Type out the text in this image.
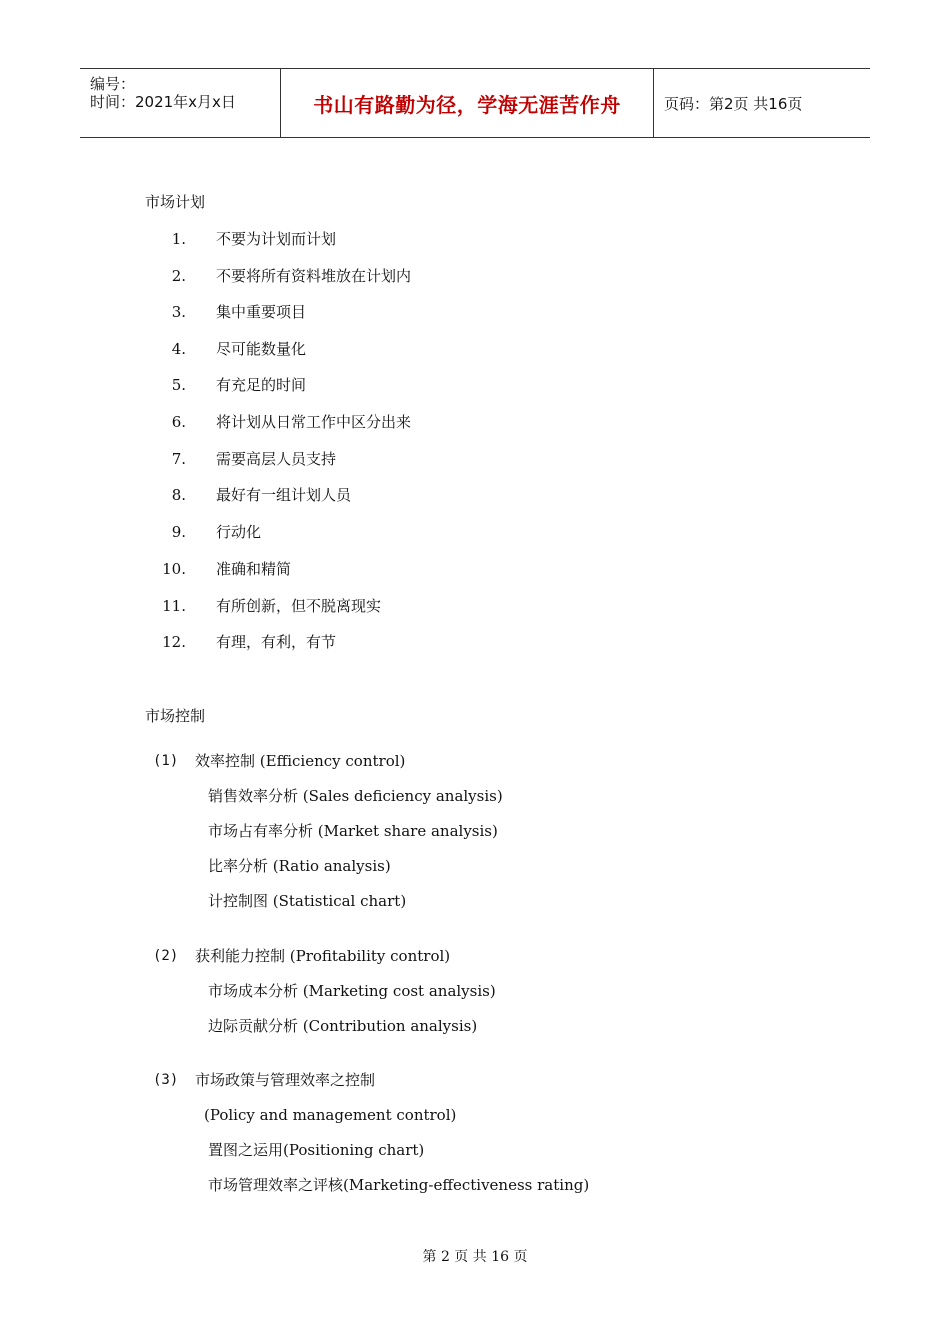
编号：
时间：2021年x月x日	书山有路勤为径，学海无涯苦作舟	页码：第2页 共16页
市场计划
1. 不要为计划而计划
2. 不要将所有资料堆放在计划内
3. 集中重要项目
4. 尽可能数量化
5. 有充足的时间
6. 将计划从日常工作中区分出来
7. 需要高层人员支持
8. 最好有一组计划人员
9. 行动化
10. 准确和精简
11. 有所创新，但不脱离现实
12. 有理，有利，有节
市场控制
(1) 效率控制 (Efficiency control)
销售效率分析 (Sales deficiency analysis)
市场占有率分析 (Market share analysis)
比率分析 (Ratio analysis)
计控制图 (Statistical chart)
(2) 获利能力控制 (Profitability control)
市场成本分析 (Marketing cost analysis)
边际贡献分析 (Contribution analysis)
(3) 市场政策与管理效率之控制
(Policy and management control)
置图之运用(Positioning chart)
市场管理效率之评核(Marketing-effectiveness rating)
第 2 页 共 16 页
